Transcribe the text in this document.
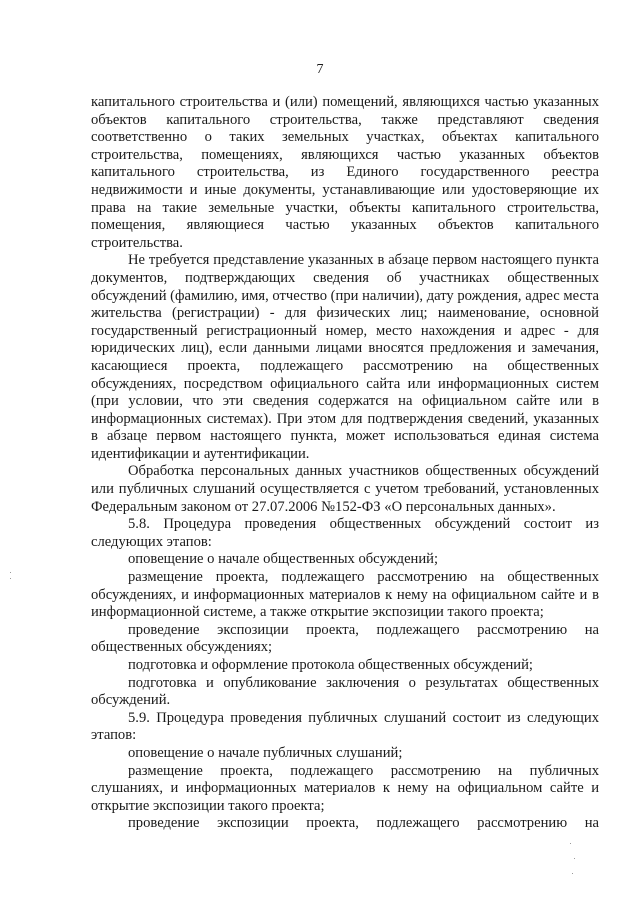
7

капитального строительства и (или) помещений, являющихся частью указанных объектов капитального строительства, также представляют сведения соответственно о таких земельных участках, объектах капитального строительства, помещениях, являющихся частью указанных объектов капитального строительства, из Единого государственного реестра недвижимости и иные документы, устанавливающие или удостоверяющие их права на такие земельные участки, объекты капитального строительства, помещения, являющиеся частью указанных объектов капитального строительства.

Не требуется представление указанных в абзаце первом настоящего пункта документов, подтверждающих сведения об участниках общественных обсуждений (фамилию, имя, отчество (при наличии), дату рождения, адрес места жительства (регистрации) - для физических лиц; наименование, основной государственный регистрационный номер, место нахождения и адрес - для юридических лиц), если данными лицами вносятся предложения и замечания, касающиеся проекта, подлежащего рассмотрению на общественных обсуждениях, посредством официального сайта или информационных систем (при условии, что эти сведения содержатся на официальном сайте или в информационных системах). При этом для подтверждения сведений, указанных в абзаце первом настоящего пункта, может использоваться единая система идентификации и аутентификации.

Обработка персональных данных участников общественных обсуждений или публичных слушаний осуществляется с учетом требований, установленных Федеральным законом от 27.07.2006 №152-ФЗ «О персональных данных».

5.8. Процедура проведения общественных обсуждений состоит из следующих этапов:

оповещение о начале общественных обсуждений;

размещение проекта, подлежащего рассмотрению на общественных обсуждениях, и информационных материалов к нему на официальном сайте и в информационной системе, а также открытие экспозиции такого проекта;

проведение экспозиции проекта, подлежащего рассмотрению на общественных обсуждениях;

подготовка и оформление протокола общественных обсуждений;

подготовка и опубликование заключения о результатах общественных обсуждений.

5.9. Процедура проведения публичных слушаний состоит из следующих этапов:

оповещение о начале публичных слушаний;

размещение проекта, подлежащего рассмотрению на публичных слушаниях, и информационных материалов к нему на официальном сайте и открытие экспозиции такого проекта;

проведение экспозиции проекта, подлежащего рассмотрению на
